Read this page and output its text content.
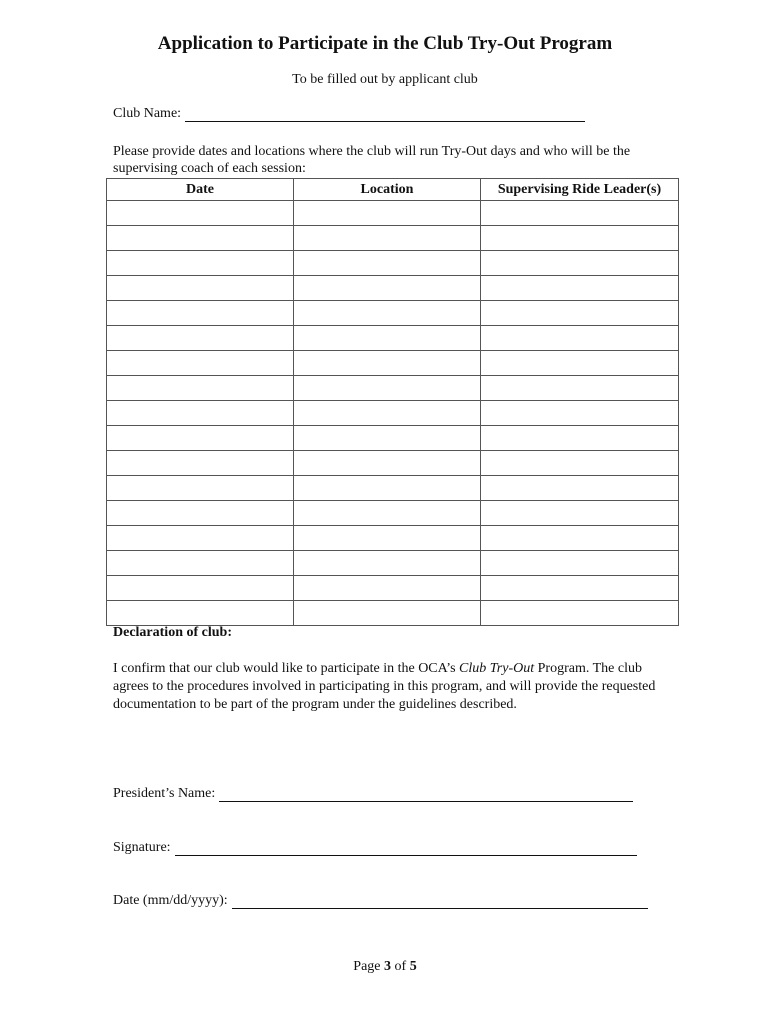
Application to Participate in the Club Try-Out Program
To be filled out by applicant club
Club Name:
Please provide dates and locations where the club will run Try-Out days and who will be the supervising coach of each session:
Date	Location	Supervising Ride Leader(s)

Declaration of club:
I confirm that our club would like to participate in the OCA’s Club Try-Out Program. The club agrees to the procedures involved in participating in this program, and will provide the requested documentation to be part of the program under the guidelines described.
President’s Name:
Signature:
Date (mm/dd/yyyy):
Page 3 of 5
